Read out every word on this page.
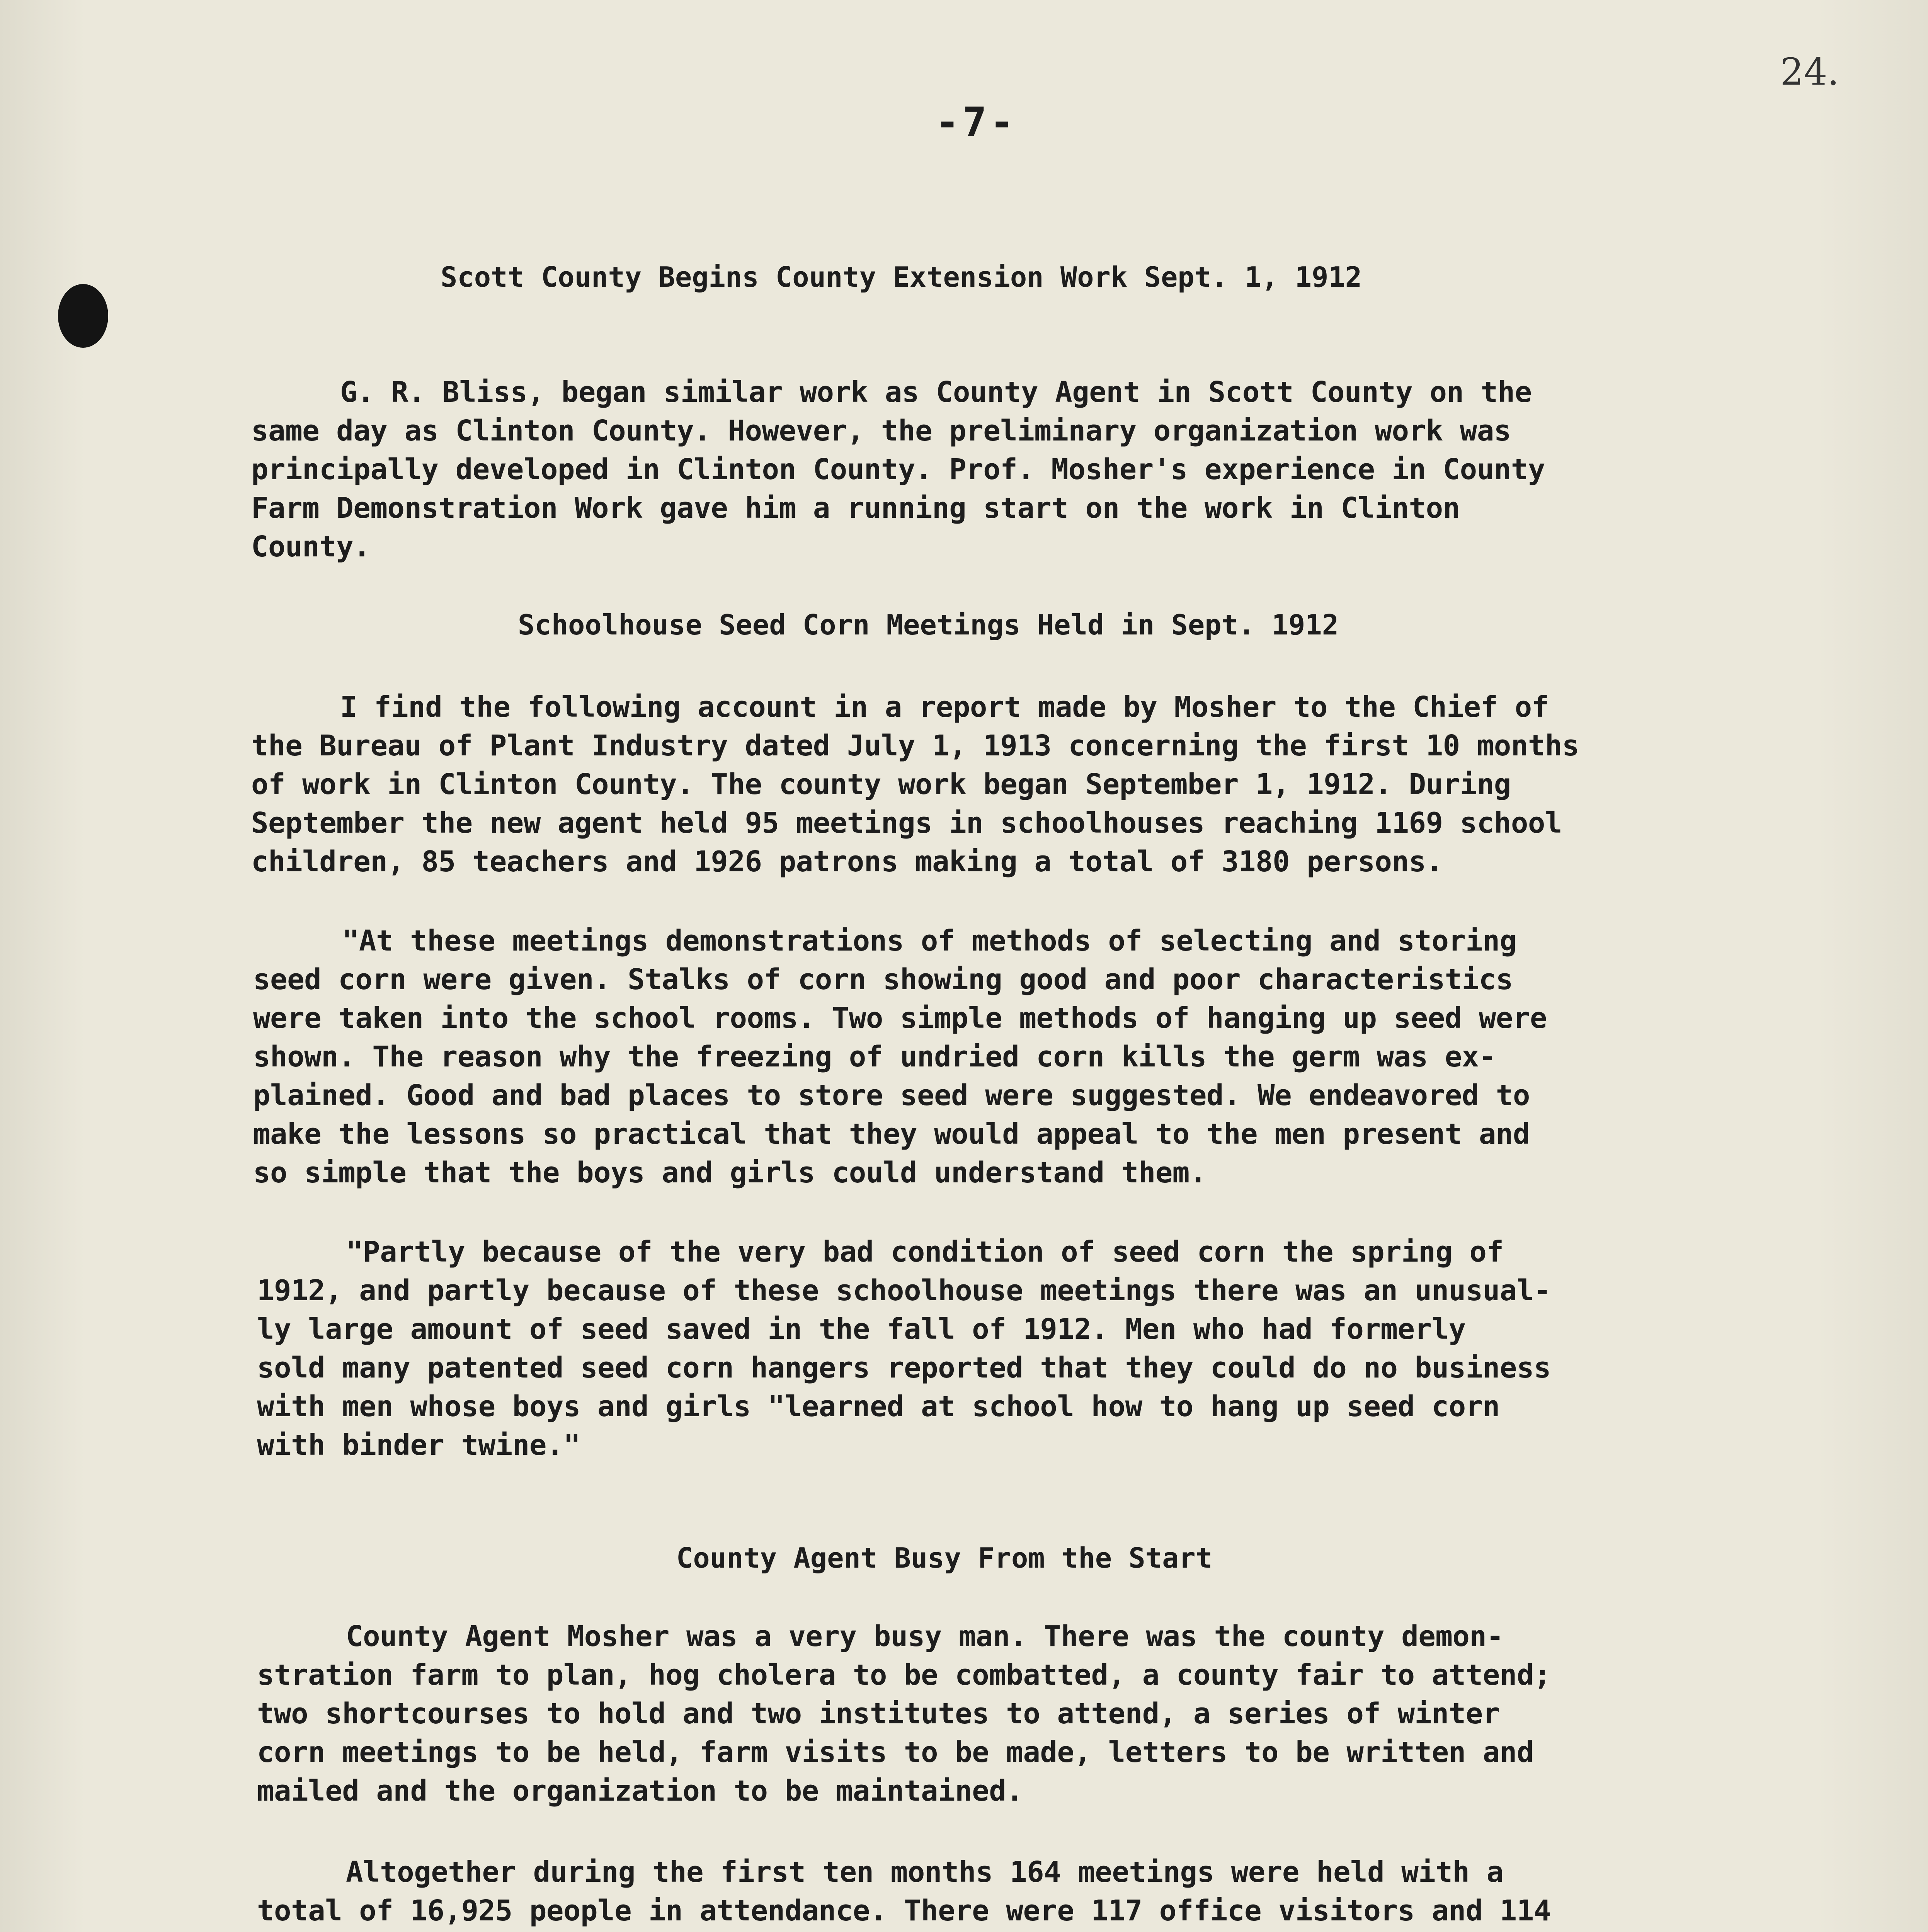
24.
-7-
Scott County Begins County Extension Work Sept. 1, 1912
G. R. Bliss, began similar work as County Agent in Scott County on the
same day as Clinton County. However, the preliminary organization work was
principally developed in Clinton County. Prof. Mosher's experience in County
Farm Demonstration Work gave him a running start on the work in Clinton
County.
Schoolhouse Seed Corn Meetings Held in Sept. 1912
I find the following account in a report made by Mosher to the Chief of
the Bureau of Plant Industry dated July 1, 1913 concerning the first 10 months
of work in Clinton County. The county work began September 1, 1912. During
September the new agent held 95 meetings in schoolhouses reaching 1169 school
children, 85 teachers and 1926 patrons making a total of 3180 persons.
"At these meetings demonstrations of methods of selecting and storing
seed corn were given. Stalks of corn showing good and poor characteristics
were taken into the school rooms. Two simple methods of hanging up seed were
shown. The reason why the freezing of undried corn kills the germ was ex-
plained. Good and bad places to store seed were suggested. We endeavored to
make the lessons so practical that they would appeal to the men present and
so simple that the boys and girls could understand them.
"Partly because of the very bad condition of seed corn the spring of
1912, and partly because of these schoolhouse meetings there was an unusual-
ly large amount of seed saved in the fall of 1912. Men who had formerly
sold many patented seed corn hangers reported that they could do no business
with men whose boys and girls "learned at school how to hang up seed corn
with binder twine."
County Agent Busy From the Start
County Agent Mosher was a very busy man. There was the county demon-
stration farm to plan, hog cholera to be combatted, a county fair to attend;
two shortcourses to hold and two institutes to attend, a series of winter
corn meetings to be held, farm visits to be made, letters to be written and
mailed and the organization to be maintained.
Altogether during the first ten months 164 meetings were held with a
total of 16,925 people in attendance. There were 117 office visitors and 114
